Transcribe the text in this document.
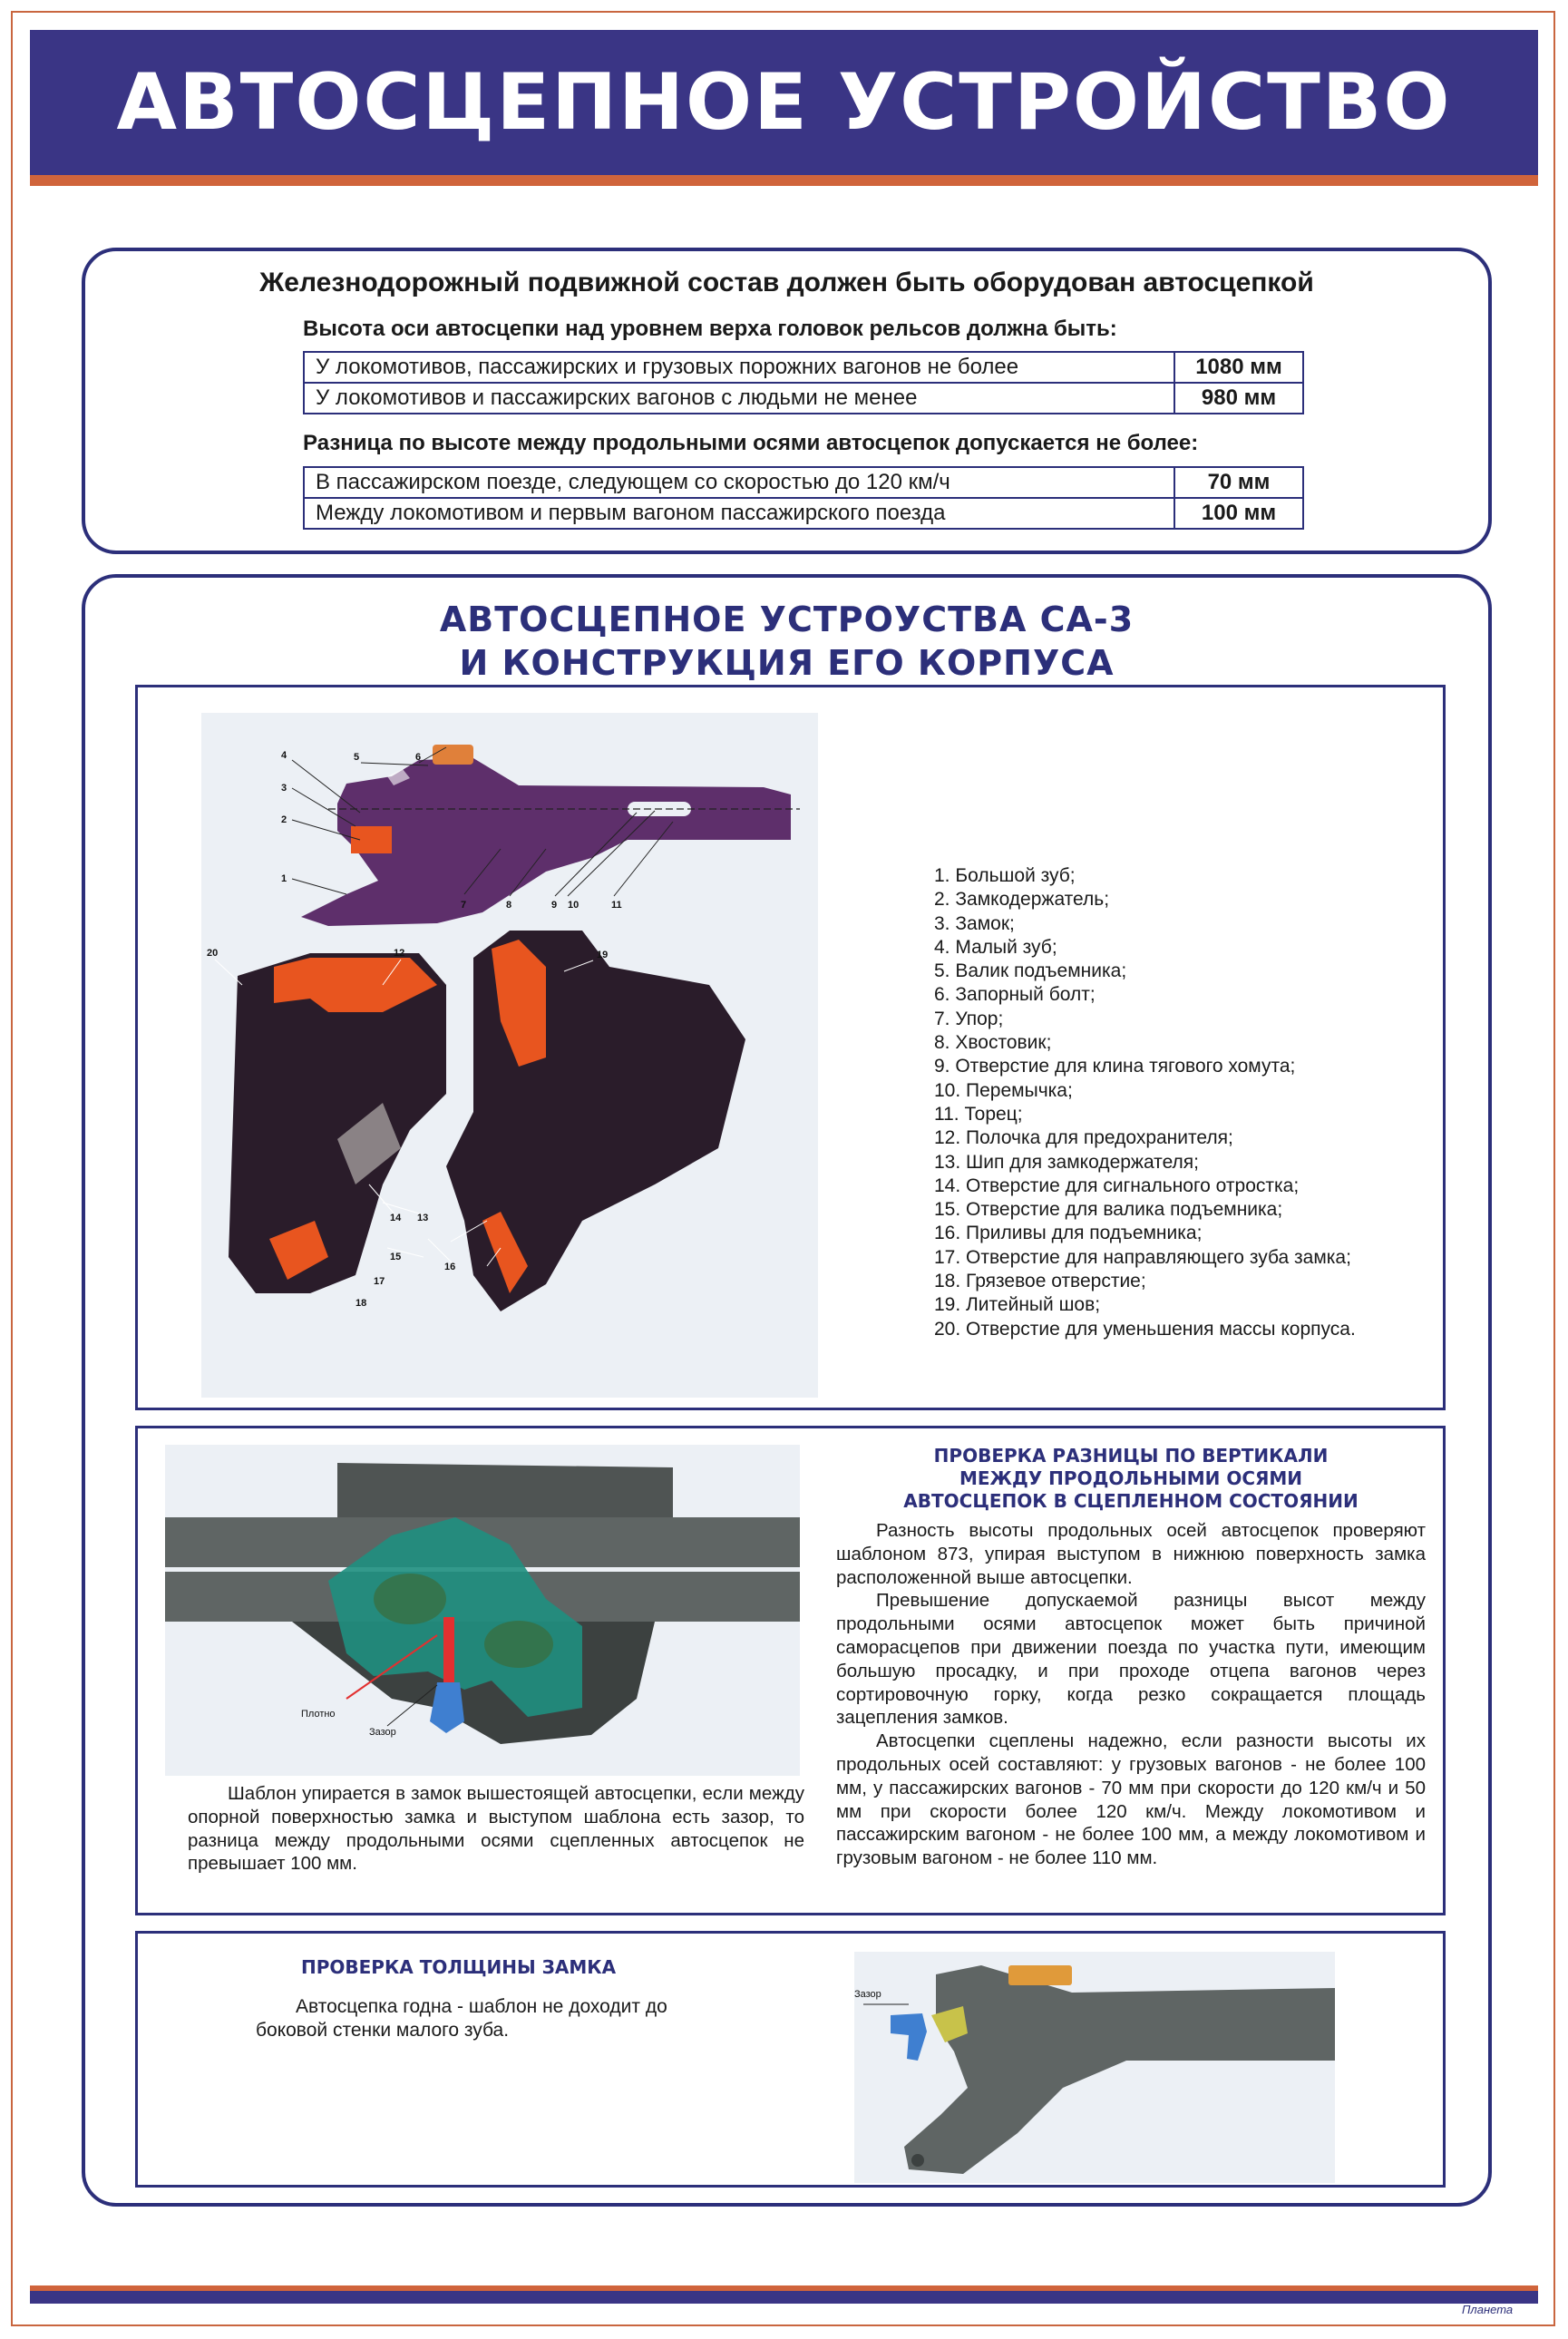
АВТОСЦЕПНОЕ УСТРОЙСТВО
Железнодорожный подвижной состав должен быть оборудован автосцепкой
Высота оси автосцепки над уровнем верха головок рельсов должна быть:
У локомотивов, пассажирских и грузовых порожних вагонов не более	1080 мм
У локомотивов и пассажирских вагонов с людьми не менее	980 мм
Разница по высоте между продольными осями автосцепок допускается не более:
В пассажирском поезде, следующем со скоростью до 120 км/ч	70 мм
Между локомотивом и первым вагоном пассажирского поезда	100 мм
АВТОСЦЕПНОЕ УСТРОУСТВА СА-3
И КОНСТРУКЦИЯ ЕГО КОРПУСА
4	5	6
3
2
1
7	8	9 10	11
20	12	19
14 13
15
17
16
18
1. Большой зуб;
2. Замкодержатель;
3. Замок;
4. Малый зуб;
5. Валик подъемника;
6. Запорный болт;
7. Упор;
8. Хвостовик;
9. Отверстие для клина тягового хомута;
10. Перемычка;
11. Торец;
12. Полочка для предохранителя;
13. Шип для замкодержателя;
14. Отверстие для сигнального отростка;
15. Отверстие для валика подъемника;
16. Приливы для подъемника;
17. Отверстие для направляющего зуба замка;
18. Грязевое отверстие;
19. Литейный шов;
20. Отверстие для уменьшения массы корпуса.
Плотно
Зазор
ПРОВЕРКА РАЗНИЦЫ ПО ВЕРТИКАЛИ
МЕЖДУ ПРОДОЛЬНЫМИ ОСЯМИ
АВТОСЦЕПОК В СЦЕПЛЕННОМ СОСТОЯНИИ

Разность высоты продольных осей автосцепок проверяют шаблоном 873, упирая выступом в нижнюю поверхность замка расположенной выше автосцепки.

Превышение допускаемой разницы высот между продольными осями автосцепок может быть причиной саморасцепов при движении поезда по участка пути, имеющим большую просадку, и при проходе отцепа вагонов через сортировочную горку, когда резко сокращается площадь зацепления замков.

Автосцепки сцеплены надежно, если разности высоты их продольных осей составляют: у грузовых вагонов - не более 100 мм, у пассажирских вагонов - 70 мм при скорости до 120 км/ч и 50 мм при скорости более 120 км/ч. Между локомотивом и пассажирским вагоном - не более 100 мм, а между локомотивом и грузовым вагоном - не более 110 мм.

Шаблон упирается в замок вышестоящей автосцепки, если между опорной поверхностью замка и выступом шаблона есть зазор, то разница между продольными осями сцепленных автосцепок не превышает 100 мм.

ПРОВЕРКА ТОЛЩИНЫ ЗАМКА
Автосцепка годна - шаблон не доходит до боковой стенки малого зуба.
Зазор
Планета
